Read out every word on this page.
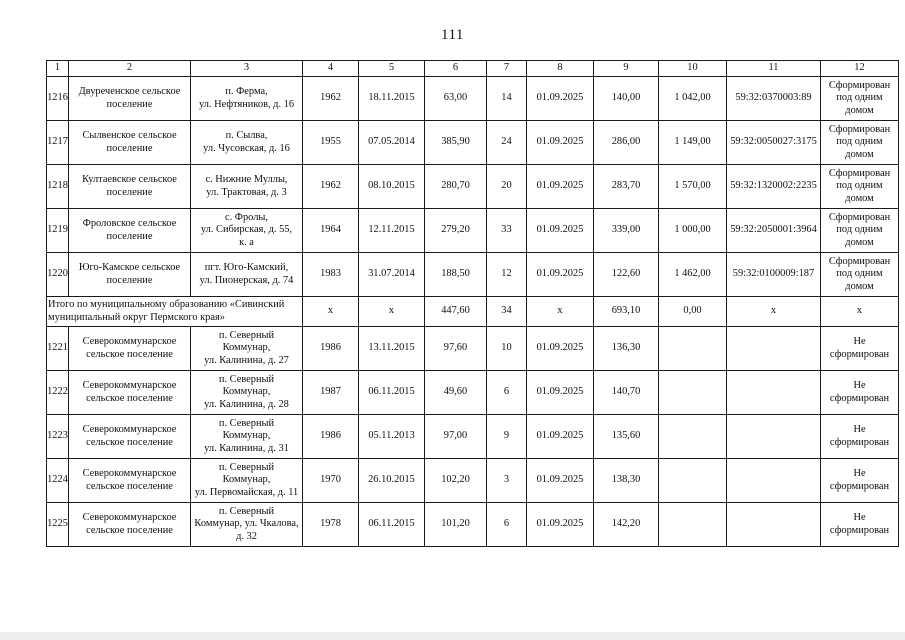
111
1	2	3	4	5	6	7	8	9	10	11	12
1216	Двуреченское сельское
поселение	п. Ферма,
ул. Нефтяников, д. 16	1962	18.11.2015	63,00	14	01.09.2025	140,00	1 042,00	59:32:0370003:89	Сформирован
под одним
домом
1217	Сылвенское сельское
поселение	п. Сылва,
ул. Чусовская, д. 16	1955	07.05.2014	385,90	24	01.09.2025	286,00	1 149,00	59:32:0050027:3175	Сформирован
под одним
домом
1218	Култаевское сельское
поселение	с. Нижние Муллы,
ул. Трактовая, д. 3	1962	08.10.2015	280,70	20	01.09.2025	283,70	1 570,00	59:32:1320002:2235	Сформирован
под одним
домом
1219	Фроловское сельское
поселение	с. Фролы,
ул. Сибирская, д. 55,
к. а	1964	12.11.2015	279,20	33	01.09.2025	339,00	1 000,00	59:32:2050001:3964	Сформирован
под одним
домом
1220	Юго-Камское сельское
поселение	пгт. Юго-Камский,
ул. Пионерская, д. 74	1983	31.07.2014	188,50	12	01.09.2025	122,60	1 462,00	59:32:0100009:187	Сформирован
под одним
домом
Итого по муниципальному образованию «Сивинский
муниципальный округ Пермского края»			x	x	447,60	34	x	693,10	0,00	x	x
1221	Северокоммунарское
сельское поселение	п. Северный
Коммунар,
ул. Калинина, д. 27	1986	13.11.2015	97,60	10	01.09.2025	136,30			Не
сформирован
1222	Северокоммунарское
сельское поселение	п. Северный
Коммунар,
ул. Калинина, д. 28	1987	06.11.2015	49,60	6	01.09.2025	140,70			Не
сформирован
1223	Северокоммунарское
сельское поселение	п. Северный
Коммунар,
ул. Калинина, д. 31	1986	05.11.2013	97,00	9	01.09.2025	135,60			Не
сформирован
1224	Северокоммунарское
сельское поселение	п. Северный
Коммунар,
ул. Первомайская, д. 11	1970	26.10.2015	102,20	3	01.09.2025	138,30			Не
сформирован
1225	Северокоммунарское
сельское поселение	п. Северный
Коммунар, ул. Чкалова,
д. 32	1978	06.11.2015	101,20	6	01.09.2025	142,20			Не
сформирован
